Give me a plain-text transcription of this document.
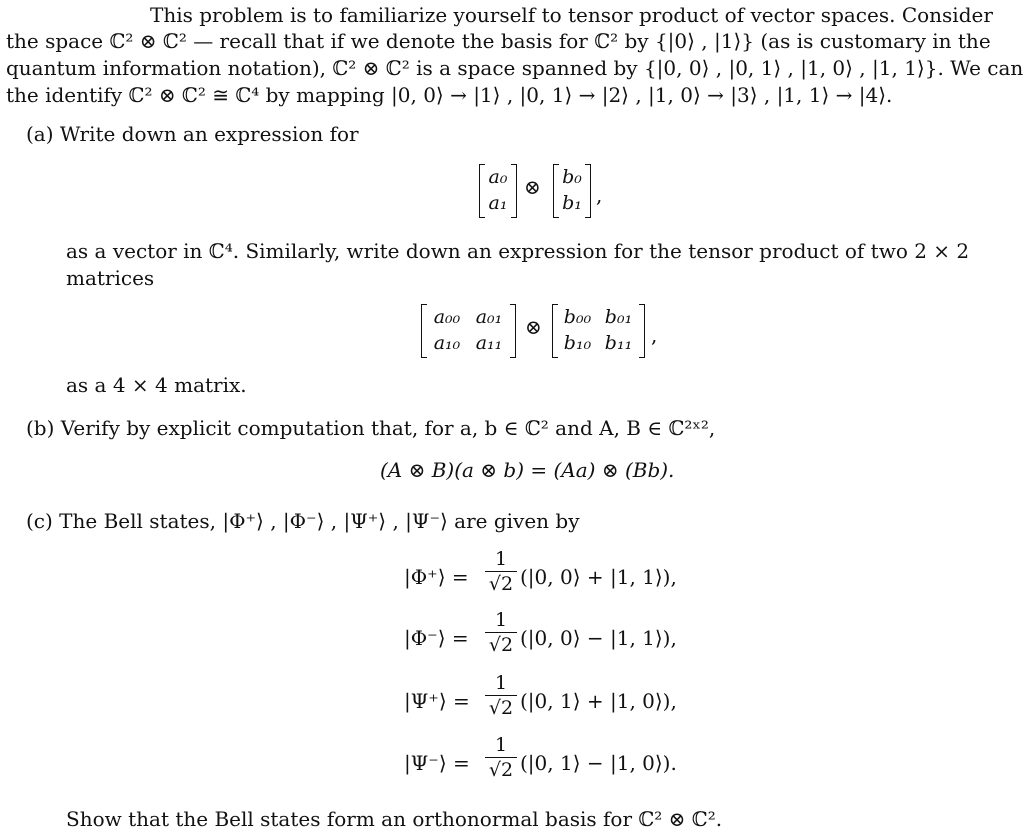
This problem is to familiarize yourself to tensor product of vector spaces. Consider
the space ℂ² ⊗ ℂ² — recall that if we denote the basis for ℂ² by {|0⟩ , |1⟩} (as is customary in the
quantum information notation), ℂ² ⊗ ℂ² is a space spanned by {|0, 0⟩ , |0, 1⟩ , |1, 0⟩ , |1, 1⟩}. We can
the identify ℂ² ⊗ ℂ² ≅ ℂ⁴ by mapping |0, 0⟩ → |1⟩ , |0, 1⟩ → |2⟩ , |1, 0⟩ → |3⟩ , |1, 1⟩ → |4⟩.
(a) Write down an expression for
a₀
a₁
⊗ b₀
b₁ ,
as a vector in ℂ⁴. Similarly, write down an expression for the tensor product of two 2 × 2
matrices
a₀₀ a₀₁
a₁₀ a₁₁
⊗	b₀₀ b₀₁
b₁₀ b₁₁ ,
as a 4 × 4 matrix.
(b) Verify by explicit computation that, for a, b ∈ ℂ² and A, B ∈ ℂ²ˣ²,
(A ⊗ B)(a ⊗ b) = (Aa) ⊗ (Bb).
(c) The Bell states, |Φ⁺⟩ , |Φ⁻⟩ , |Ψ⁺⟩ , |Ψ⁻⟩ are given by
|Φ⁺⟩ =
1
√2 (|0, 0⟩ + |1, 1⟩),
|Φ⁻⟩ =
1
√2 (|0, 0⟩ − |1, 1⟩),
|Ψ⁺⟩ =
1
√2 (|0, 1⟩ + |1, 0⟩),
|Ψ⁻⟩ =
1
√2 (|0, 1⟩ − |1, 0⟩).
Show that the Bell states form an orthonormal basis for ℂ² ⊗ ℂ².
